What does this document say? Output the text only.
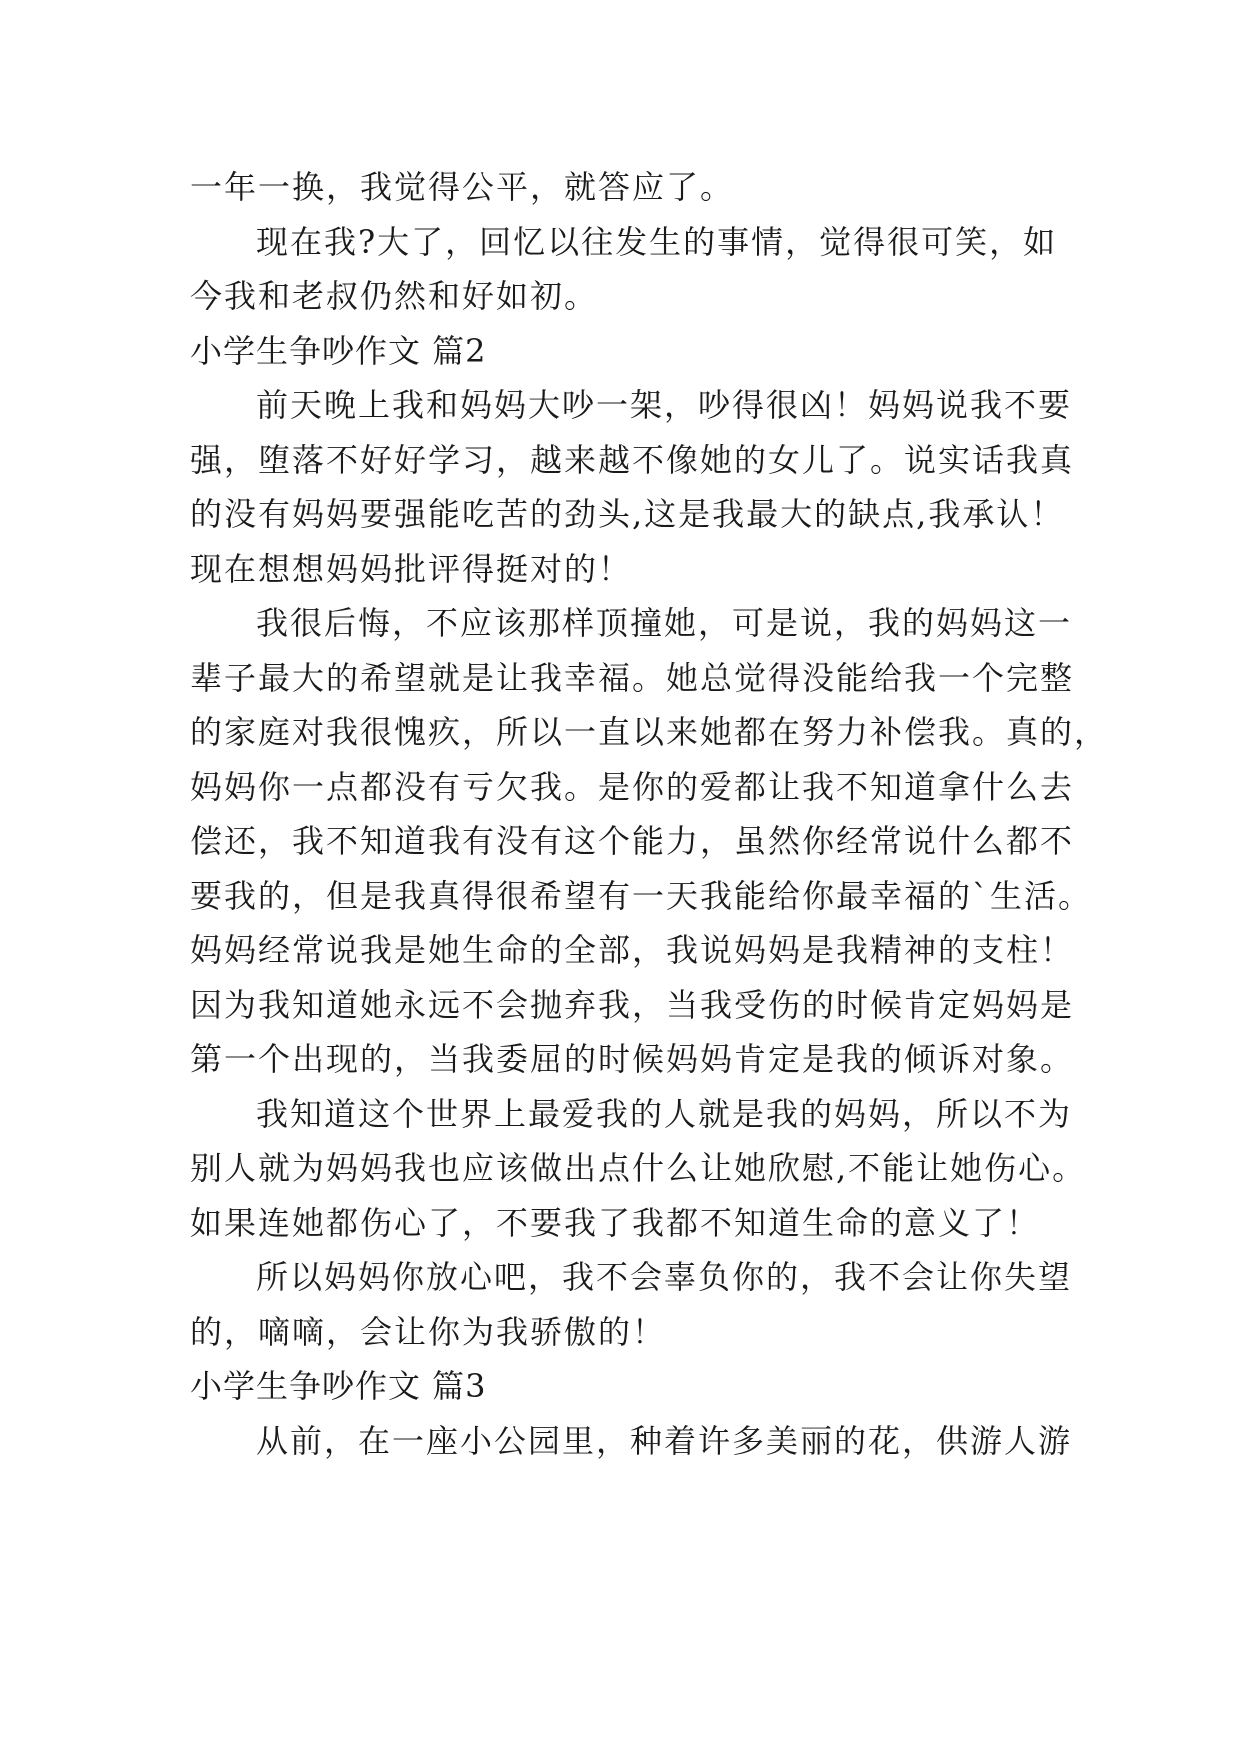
一年一换，我觉得公平，就答应了。
现在我?大了，回忆以往发生的事情，觉得很可笑，如
今我和老叔仍然和好如初。
小学生争吵作文 篇2
前天晚上我和妈妈大吵一架，吵得很凶！妈妈说我不要
强，堕落不好好学习，越来越不像她的女儿了。说实话我真
的没有妈妈要强能吃苦的劲头,这是我最大的缺点,我承认！
现在想想妈妈批评得挺对的！
我很后悔，不应该那样顶撞她，可是说，我的妈妈这一
辈子最大的希望就是让我幸福。她总觉得没能给我一个完整
的家庭对我很愧疚，所以一直以来她都在努力补偿我。真的，
妈妈你一点都没有亏欠我。是你的爱都让我不知道拿什么去
偿还，我不知道我有没有这个能力，虽然你经常说什么都不
要我的，但是我真得很希望有一天我能给你最幸福的`生活。
妈妈经常说我是她生命的全部，我说妈妈是我精神的支柱！
因为我知道她永远不会抛弃我，当我受伤的时候肯定妈妈是
第一个出现的，当我委屈的时候妈妈肯定是我的倾诉对象。
我知道这个世界上最爱我的人就是我的妈妈，所以不为
别人就为妈妈我也应该做出点什么让她欣慰,不能让她伤心。
如果连她都伤心了，不要我了我都不知道生命的意义了！
所以妈妈你放心吧，我不会辜负你的，我不会让你失望
的，嘀嘀，会让你为我骄傲的！
小学生争吵作文 篇3
从前，在一座小公园里，种着许多美丽的花，供游人游
